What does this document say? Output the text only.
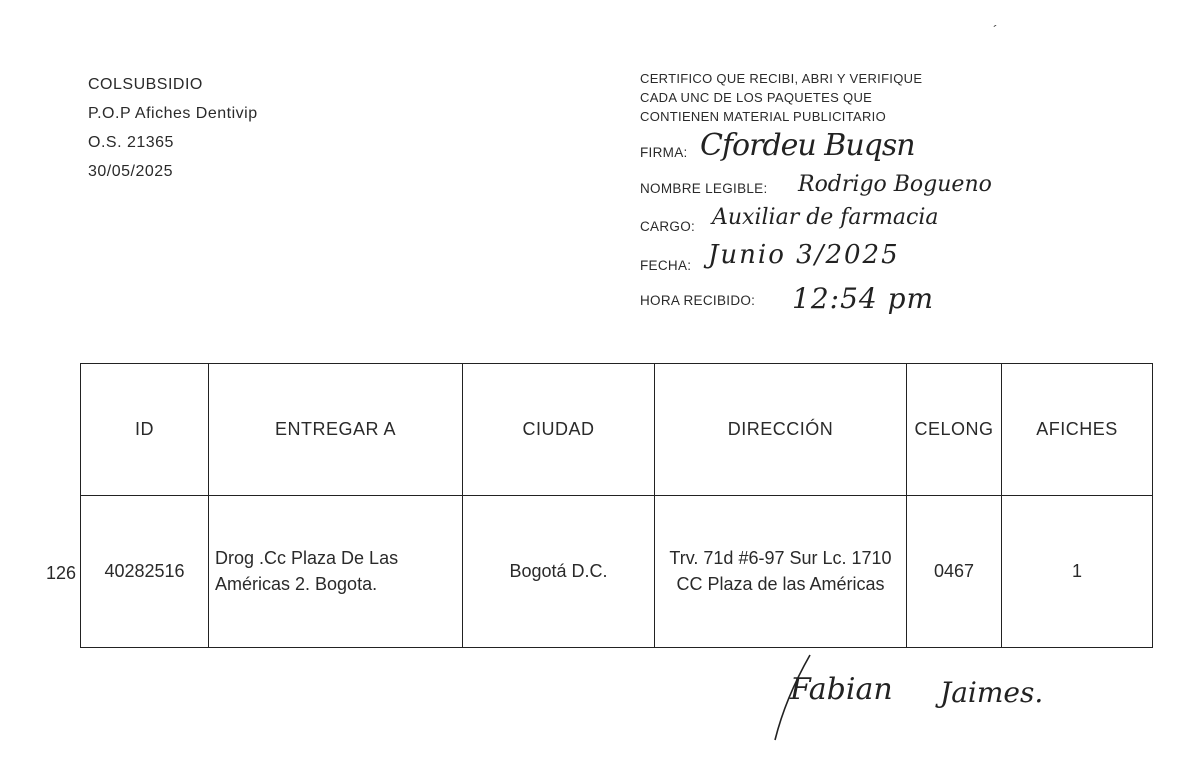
´
COLSUBSIDIO
P.O.P Afiches Dentivip
O.S. 21365
30/05/2025
CERTIFICO QUE RECIBI, ABRI Y VERIFIQUE
CADA UNC DE LOS PAQUETES QUE
CONTIENEN MATERIAL PUBLICITARIO
FIRMA: Cfordeu Buqsn
NOMBRE LEGIBLE: Rodrigo Bogueno
CARGO: Auxiliar de farmacia
FECHA: Junio 3/2025
HORA RECIBIDO: 12:54 pm
126
ID	ENTREGAR A	CIUDAD	DIRECCIÓN	CELONG	AFICHES
40282516	Drog .Cc Plaza De Las Américas 2. Bogota.	Bogotá D.C.	Trv. 71d #6-97 Sur Lc. 1710 CC Plaza de las Américas	0467	1
Fabian Jaimes.
